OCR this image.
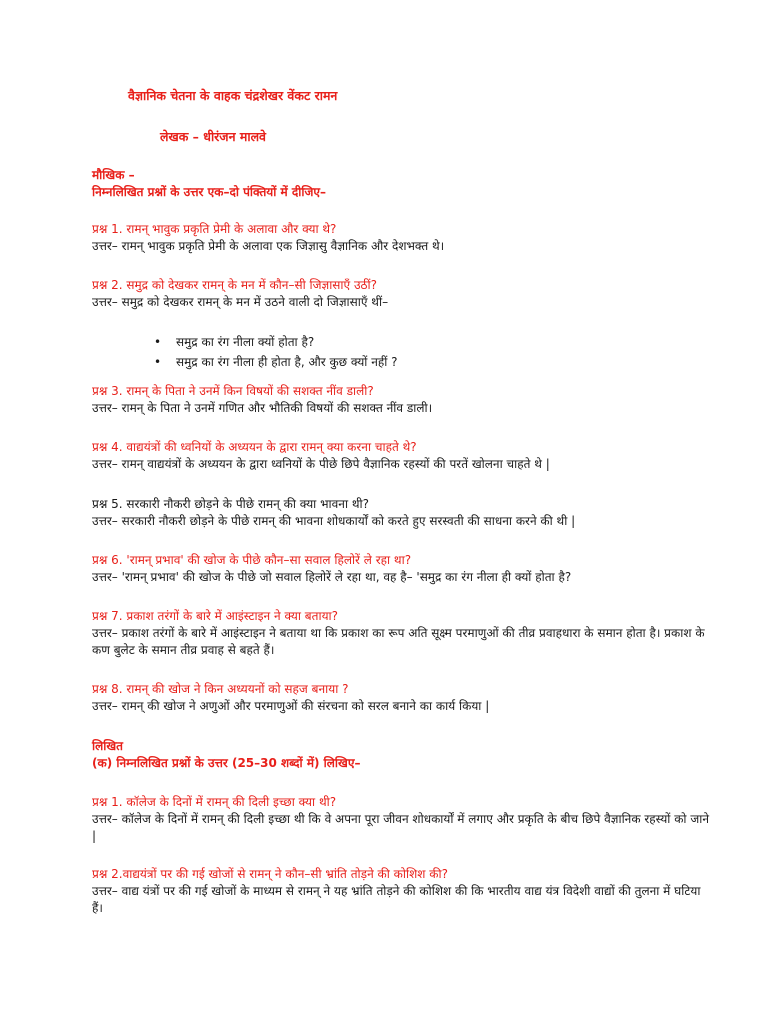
वैज्ञानिक चेतना के वाहक चंद्रशेखर वेंकट रामन
लेखक – धीरंजन मालवे
मौखिक –
निम्नलिखित प्रश्नों के उत्तर एक–दो पंक्तियों में दीजिए–
प्रश्न 1. रामन् भावुक प्रकृति प्रेमी के अलावा और क्या थे?
उत्तर– रामन् भावुक प्रकृति प्रेमी के अलावा एक जिज्ञासु वैज्ञानिक और देशभक्त थे।
प्रश्न 2. समुद्र को देखकर रामन् के मन में कौन–सी जिज्ञासाएँ उठीं?
उत्तर– समुद्र को देखकर रामन् के मन में उठने वाली दो जिज्ञासाएँ थीं–
• समुद्र का रंग नीला क्यों होता है?
• समुद्र का रंग नीला ही होता है, और कुछ क्यों नहीं ?
प्रश्न 3. रामन् के पिता ने उनमें किन विषयों की सशक्त नींव डाली?
उत्तर– रामन् के पिता ने उनमें गणित और भौतिकी विषयों की सशक्त नींव डाली।
प्रश्न 4. वाद्ययंत्रों की ध्वनियों के अध्ययन के द्वारा रामन् क्या करना चाहते थे?
उत्तर– रामन् वाद्ययंत्रों के अध्ययन के द्वारा ध्वनियों के पीछे छिपे वैज्ञानिक रहस्यों की परतें खोलना चाहते थे |
प्रश्न 5. सरकारी नौकरी छोड़ने के पीछे रामन् की क्या भावना थी?
उत्तर– सरकारी नौकरी छोड़ने के पीछे रामन् की भावना शोधकार्यों को करते हुए सरस्वती की साधना करने की थी |
प्रश्न 6. 'रामन् प्रभाव' की खोज के पीछे कौन–सा सवाल हिलोरें ले रहा था?
उत्तर– 'रामन् प्रभाव' की खोज के पीछे जो सवाल हिलोरें ले रहा था, वह है– 'समुद्र का रंग नीला ही क्यों होता है?
प्रश्न 7. प्रकाश तरंगों के बारे में आइंस्टाइन ने क्या बताया?
उत्तर– प्रकाश तरंगों के बारे में आइंस्टाइन ने बताया था कि प्रकाश का रूप अति सूक्ष्म परमाणुओं की तीव्र प्रवाहधारा के समान होता है। प्रकाश के कण बुलेट के समान तीव्र प्रवाह से बहते हैं।
प्रश्न 8. रामन् की खोज ने किन अध्ययनों को सहज बनाया ?
उत्तर– रामन् की खोज ने अणुओं और परमाणुओं की संरचना को सरल बनाने का कार्य किया |
लिखित
(क) निम्नलिखित प्रश्नों के उत्तर (25–30 शब्दों में) लिखिए–
प्रश्न 1. कॉलेज के दिनों में रामन् की दिली इच्छा क्या थी?
उत्तर– कॉलेज के दिनों में रामन् की दिली इच्छा थी कि वे अपना पूरा जीवन शोधकार्यों में लगाए और प्रकृति के बीच छिपे वैज्ञानिक रहस्यों को जाने |
प्रश्न 2.वाद्ययंत्रों पर की गई खोजों से रामन् ने कौन–सी भ्रांति तोड़ने की कोशिश की?
उत्तर– वाद्य यंत्रों पर की गई खोजों के माध्यम से रामन् ने यह भ्रांति तोड़ने की कोशिश की कि भारतीय वाद्य यंत्र विदेशी वाद्यों की तुलना में घटिया हैं।
